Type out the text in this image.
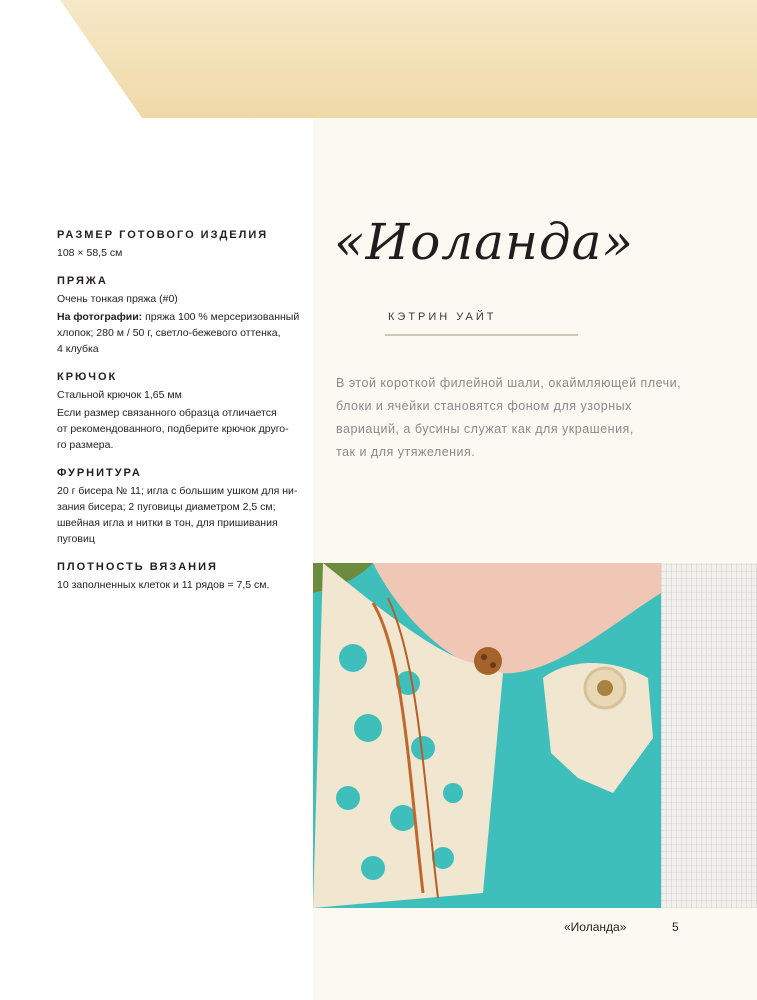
РАЗМЕР ГОТОВОГО ИЗДЕЛИЯ

108 × 58,5 см

ПРЯЖА

Очень тонкая пряжа (#0)

На фотографии: пряжа 100 % мерсеризованный
хлопок; 280 м / 50 г, светло-бежевого оттенка,
4 клубка

КРЮЧОК

Стальной крючок 1,65 мм

Если размер связанного образца отличается
от рекомендованного, подберите крючок друго-
го размера.

ФУРНИТУРА

20 г бисера № 11; игла с большим ушком для ни-
зания бисера; 2 пуговицы диаметром 2,5 см;
швейная игла и нитки в тон, для пришивания
пуговиц

ПЛОТНОСТЬ ВЯЗАНИЯ

10 заполненных клеток и 11 рядов = 7,5 см.

«Иоланда»
КЭТРИН УАЙТ
В этой короткой филейной шали, окаймляющей плечи,
блоки и ячейки становятся фоном для узорных
вариаций, а бусины служат как для украшения,
так и для утяжеления.
«Иоланда»	5
